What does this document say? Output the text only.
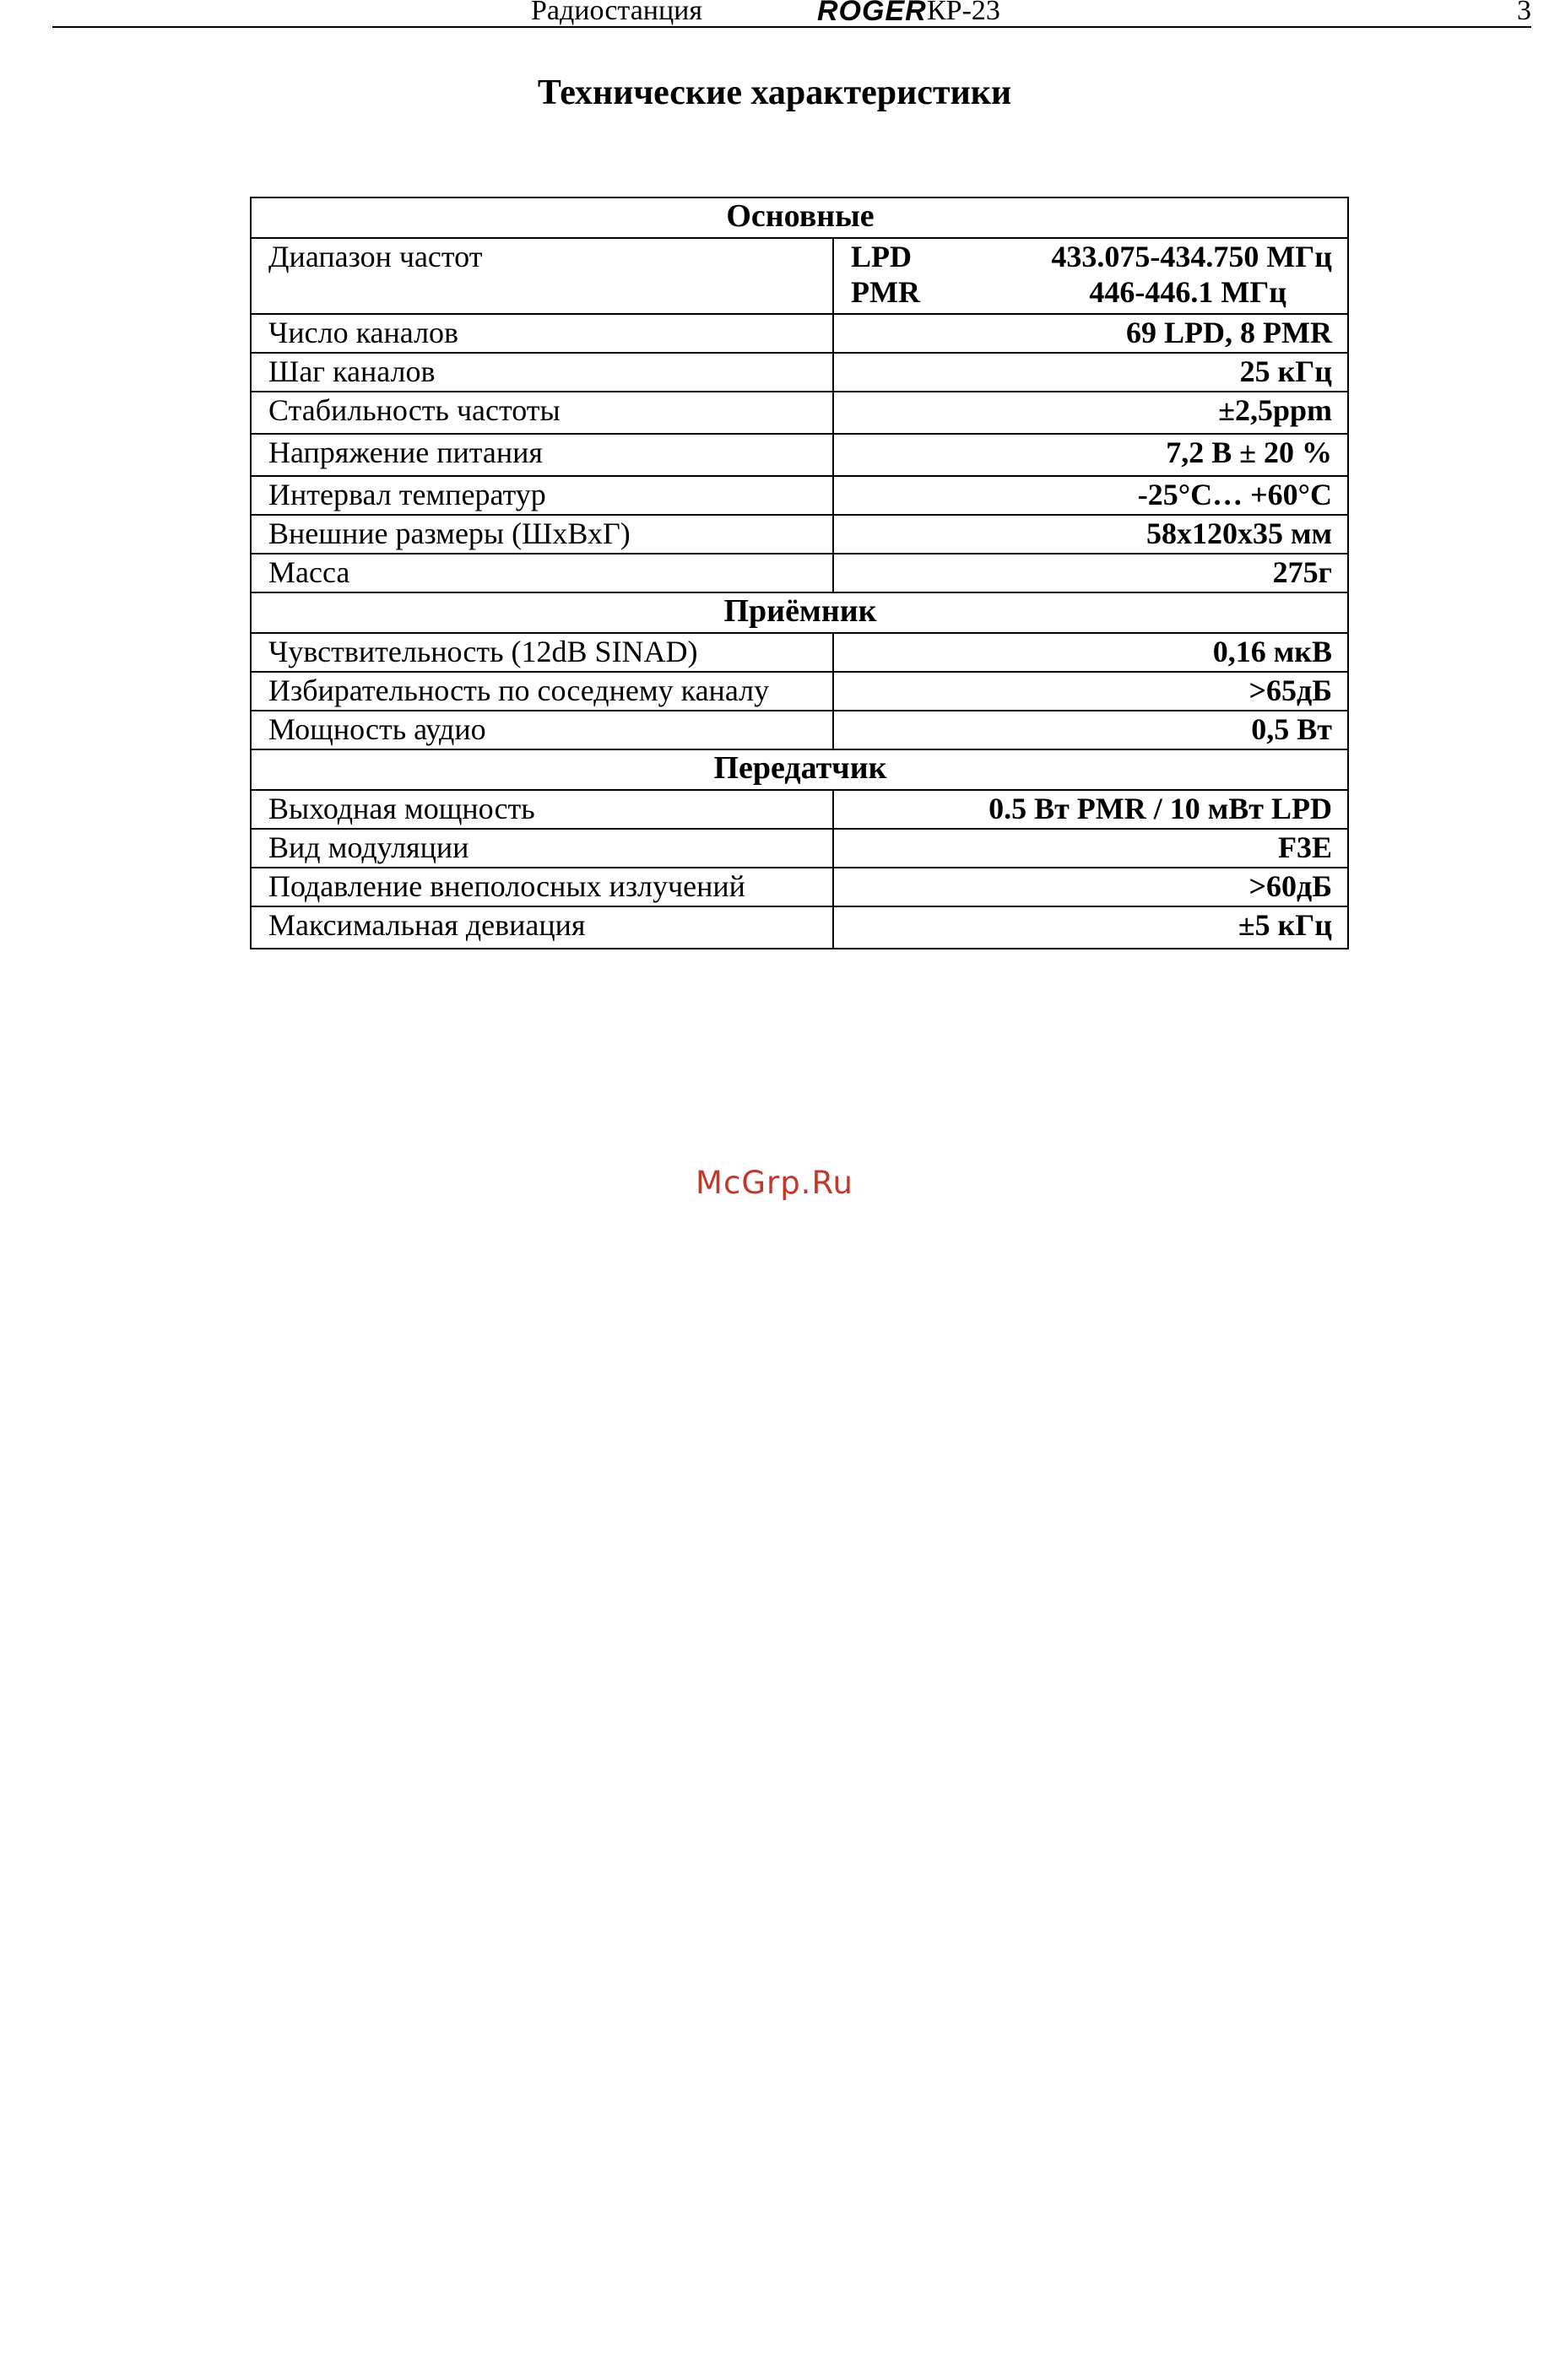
Радиостанция	ROGER КР-23	3
Технические характеристики
Основные	
Диапазон частот	LPD 433.075-434.750 МГц
PMR 446-446.1 МГц

Число каналов	69 LPD, 8 PMR
Шаг каналов	25 кГц
Стабильность частоты	±2,5ppm
Напряжение питания	7,2 В ± 20 %
Интервал температур	-25°С… +60°С
Внешние размеры (ШхВхГ)	58х120х35 мм
Масса	275г
Приёмник	
Чувствительность (12dB SINAD)	0,16 мкВ
Избирательность по соседнему каналу	>65дБ
Мощность аудио	0,5 Вт
Передатчик	
Выходная мощность	0.5 Вт PMR / 10 мВт LPD
Вид модуляции	F3E
Подавление внеполосных излучений	>60дБ
Максимальная девиация	±5 кГц
McGrp.Ru
